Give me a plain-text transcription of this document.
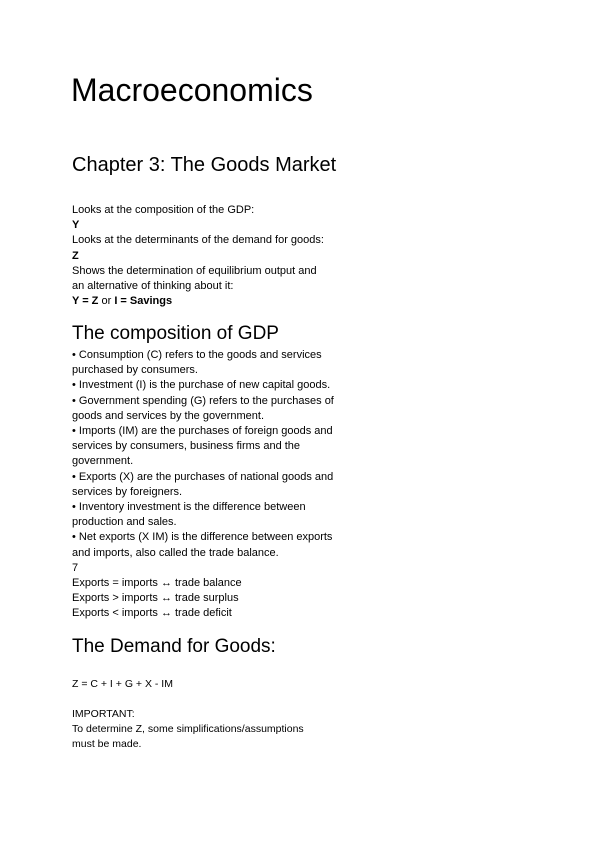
Macroeconomics
Chapter 3: The Goods Market
Looks at the composition of the GDP:
Y
Looks at the determinants of the demand for goods:
Z
Shows the determination of equilibrium output and
an alternative of thinking about it:
Y = Z or I = Savings
The composition of GDP
• Consumption (C) refers to the goods and services
purchased by consumers.
• Investment (I) is the purchase of new capital goods.
• Government spending (G) refers to the purchases of
goods and services by the government.
• Imports (IM) are the purchases of foreign goods and
services by consumers, business firms and the
government.
• Exports (X) are the purchases of national goods and
services by foreigners.
• Inventory investment is the difference between
production and sales.
• Net exports (X IM) is the difference between exports
and imports, also called the trade balance.
7
Exports = imports ↔ trade balance
Exports > imports ↔ trade surplus
Exports < imports ↔ trade deficit
The Demand for Goods:
Z = C + I + G + X - IM
IMPORTANT:
To determine Z, some simplifications/assumptions
must be made.
